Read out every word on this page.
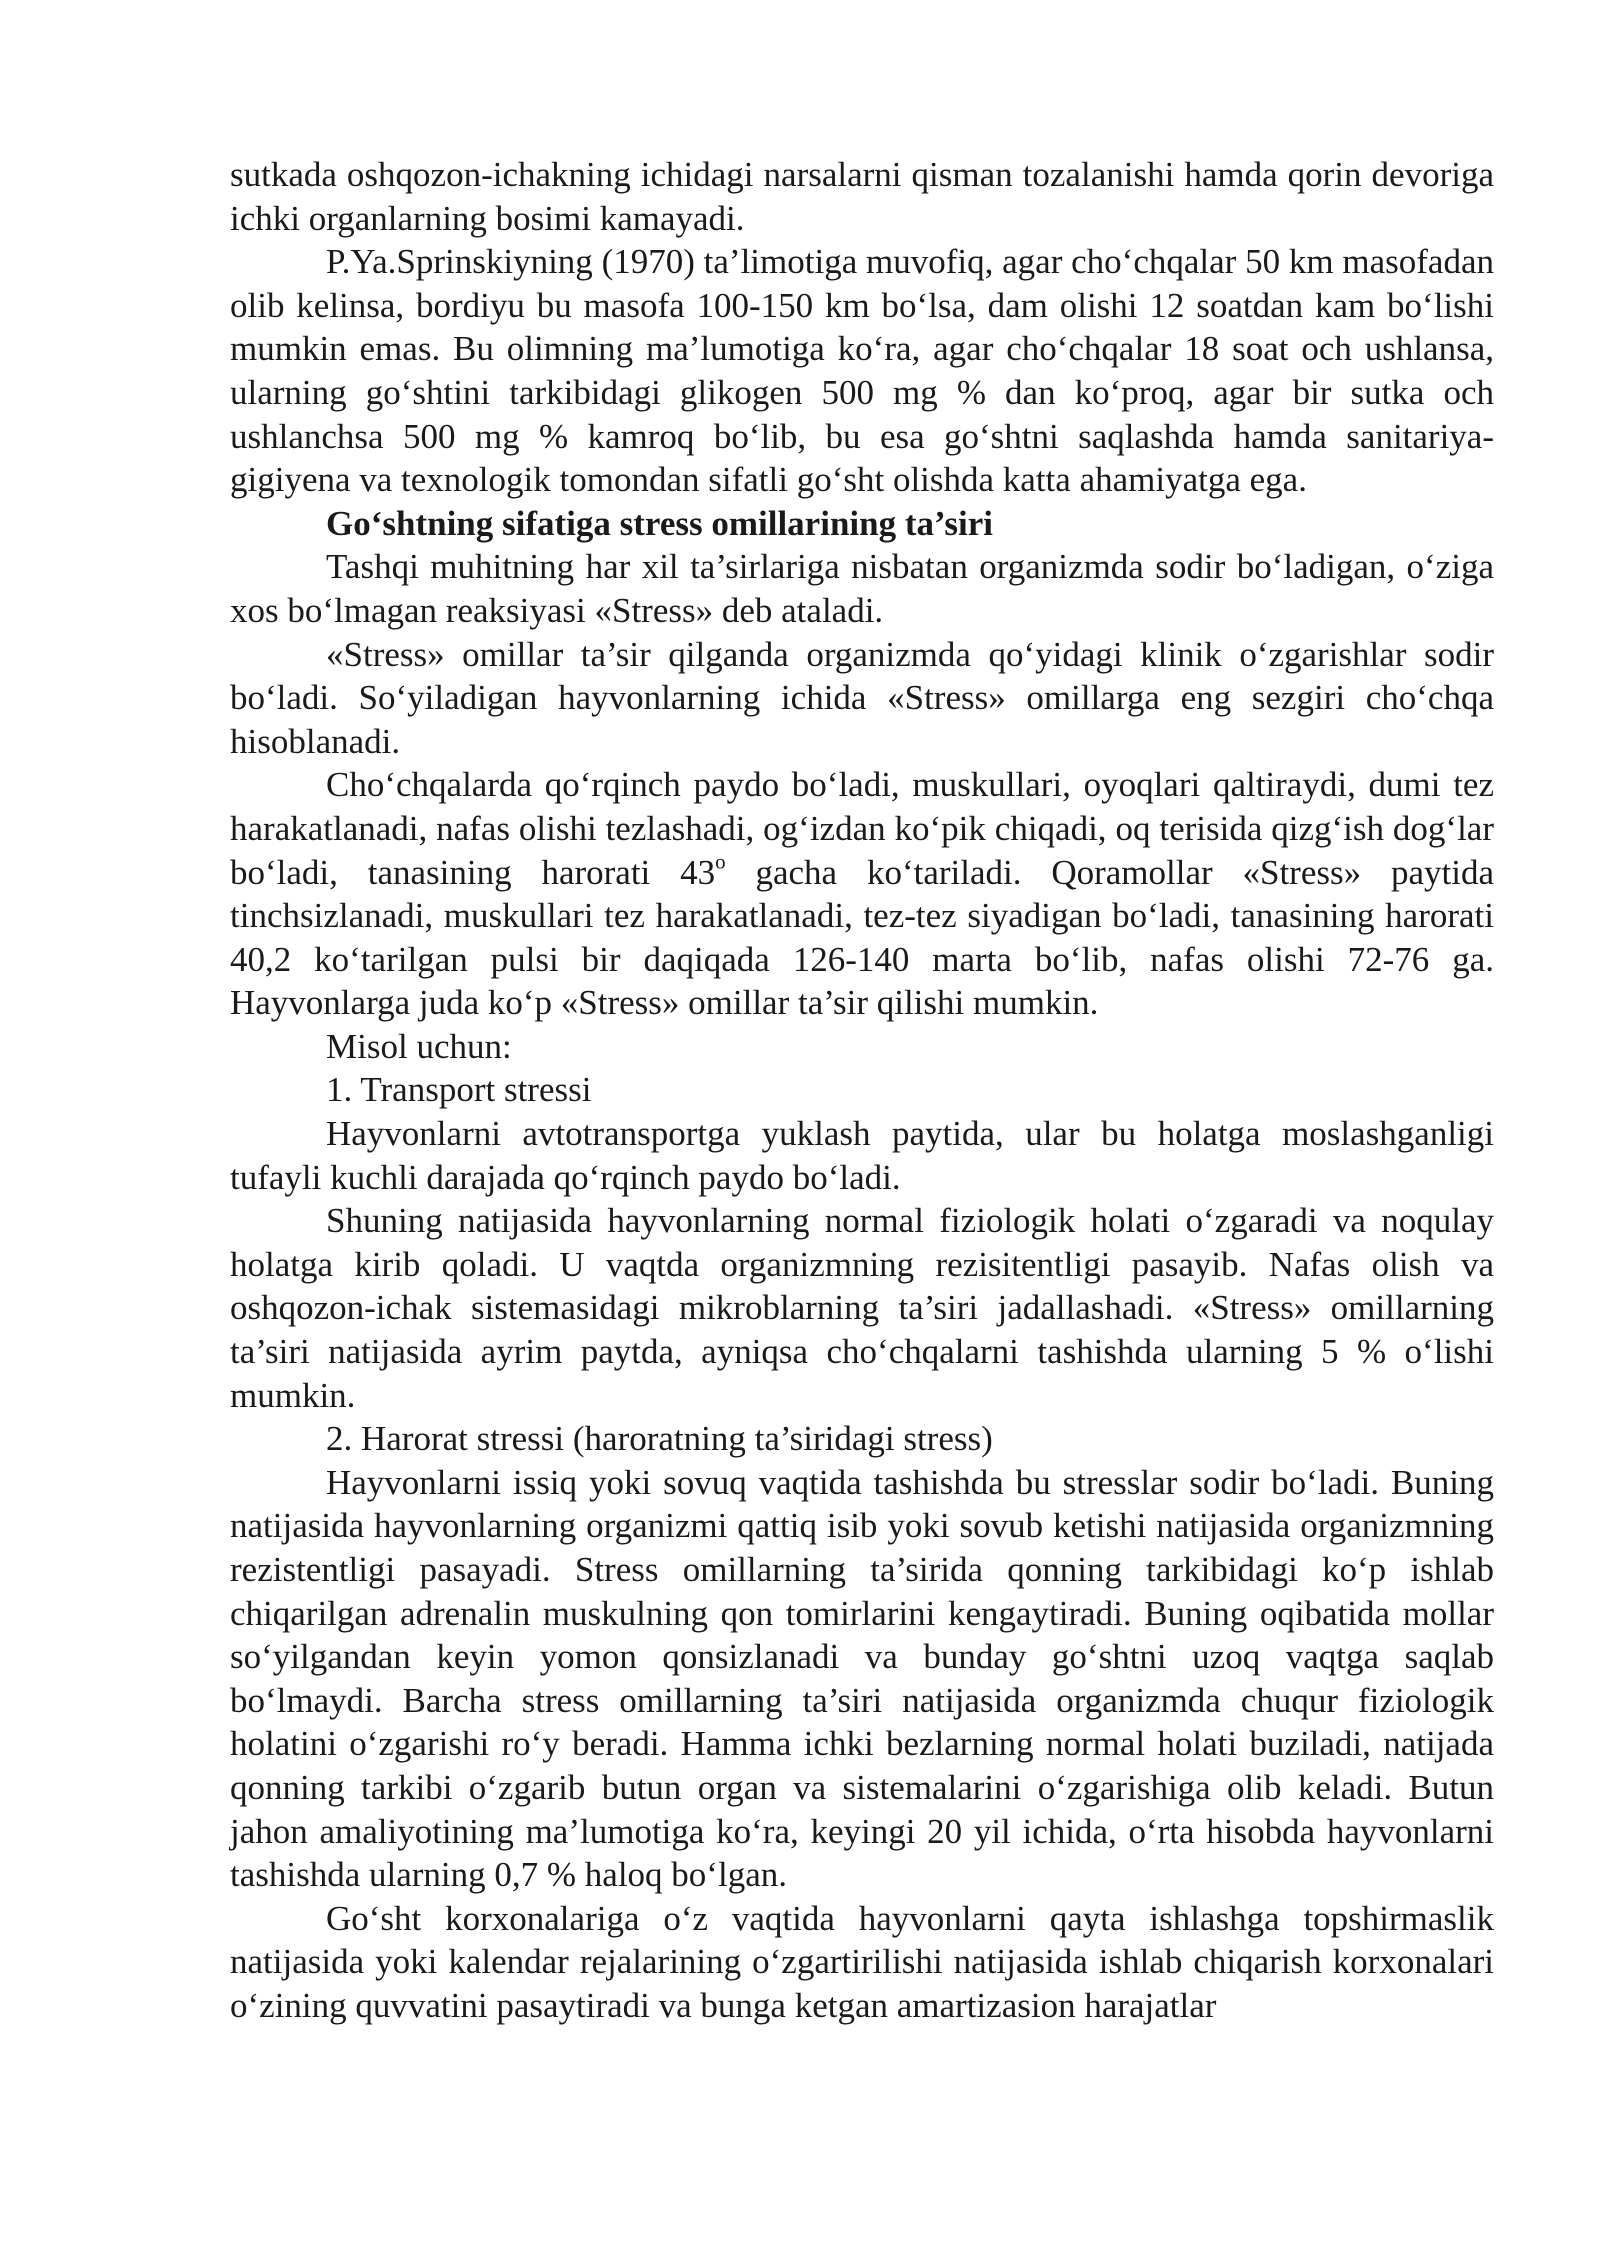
sutkada oshqozon-ichakning ichidagi narsalarni qisman tozalanishi hamda qorin devoriga ichki organlarning bosimi kamayadi.

P.Ya.Sprinskiyning (1970) ta’limotiga muvofiq, agar cho‘chqalar 50 km masofadan olib kelinsa, bordiyu bu masofa 100-150 km bo‘lsa, dam olishi 12 soatdan kam bo‘lishi mumkin emas. Bu olimning ma’lumotiga ko‘ra, agar cho‘chqalar 18 soat och ushlansa, ularning go‘shtini tarkibidagi glikogen 500 mg % dan ko‘proq, agar bir sutka och ushlanchsa 500 mg % kamroq bo‘lib, bu esa go‘shtni saqlashda hamda sanitariya-gigiyena va texnologik tomondan sifatli go‘sht olishda katta ahamiyatga ega.

Go‘shtning sifatiga stress omillarining ta’siri

Tashqi muhitning har xil ta’sirlariga nisbatan organizmda sodir bo‘ladigan, o‘ziga xos bo‘lmagan reaksiyasi «Stress» deb ataladi.

«Stress» omillar ta’sir qilganda organizmda qo‘yidagi klinik o‘zgarishlar sodir bo‘ladi. So‘yiladigan hayvonlarning ichida «Stress» omillarga eng sezgiri cho‘chqa hisoblanadi.

Cho‘chqalarda qo‘rqinch paydo bo‘ladi, muskullari, oyoqlari qaltiraydi, dumi tez harakatlanadi, nafas olishi tezlashadi, og‘izdan ko‘pik chiqadi, oq terisida qizg‘ish dog‘lar bo‘ladi, tanasining harorati 43$^o$ gacha ko‘tariladi. Qoramollar «Stress» paytida tinchsizlanadi, muskullari tez harakatlanadi, tez-tez siyadigan bo‘ladi, tanasining harorati 40,2 ko‘tarilgan pulsi bir daqiqada 126-140 marta bo‘lib, nafas olishi 72-76 ga. Hayvonlarga juda ko‘p «Stress» omillar ta’sir qilishi mumkin.

Misol uchun:

1. Transport stressi

Hayvonlarni avtotransportga yuklash paytida, ular bu holatga moslashganligi tufayli kuchli darajada qo‘rqinch paydo bo‘ladi.

Shuning natijasida hayvonlarning normal fiziologik holati o‘zgaradi va noqulay holatga kirib qoladi. U vaqtda organizmning rezisitentligi pasayib. Nafas olish va oshqozon-ichak sistemasidagi mikroblarning ta’siri jadallashadi. «Stress» omillarning ta’siri natijasida ayrim paytda, ayniqsa cho‘chqalarni tashishda ularning 5 % o‘lishi mumkin.

2. Harorat stressi (haroratning ta’siridagi stress)

Hayvonlarni issiq yoki sovuq vaqtida tashishda bu stresslar sodir bo‘ladi. Buning natijasida hayvonlarning organizmi qattiq isib yoki sovub ketishi natijasida organizmning rezistentligi pasayadi. Stress omillarning ta’sirida qonning tarkibidagi ko‘p ishlab chiqarilgan adrenalin muskulning qon tomirlarini kengaytiradi. Buning oqibatida mollar so‘yilgandan keyin yomon qonsizlanadi va bunday go‘shtni uzoq vaqtga saqlab bo‘lmaydi. Barcha stress omillarning ta’siri natijasida organizmda chuqur fiziologik holatini o‘zgarishi ro‘y beradi. Hamma ichki bezlarning normal holati buziladi, natijada qonning tarkibi o‘zgarib butun organ va sistemalarini o‘zgarishiga olib keladi. Butun jahon amaliyotining ma’lumotiga ko‘ra, keyingi 20 yil ichida, o‘rta hisobda hayvonlarni tashishda ularning 0,7 % haloq bo‘lgan.

Go‘sht korxonalariga o‘z vaqtida hayvonlarni qayta ishlashga topshirmaslik natijasida yoki kalendar rejalarining o‘zgartirilishi natijasida ishlab chiqarish korxonalari o‘zining quvvatini pasaytiradi va bunga ketgan amartizasion harajatlar
